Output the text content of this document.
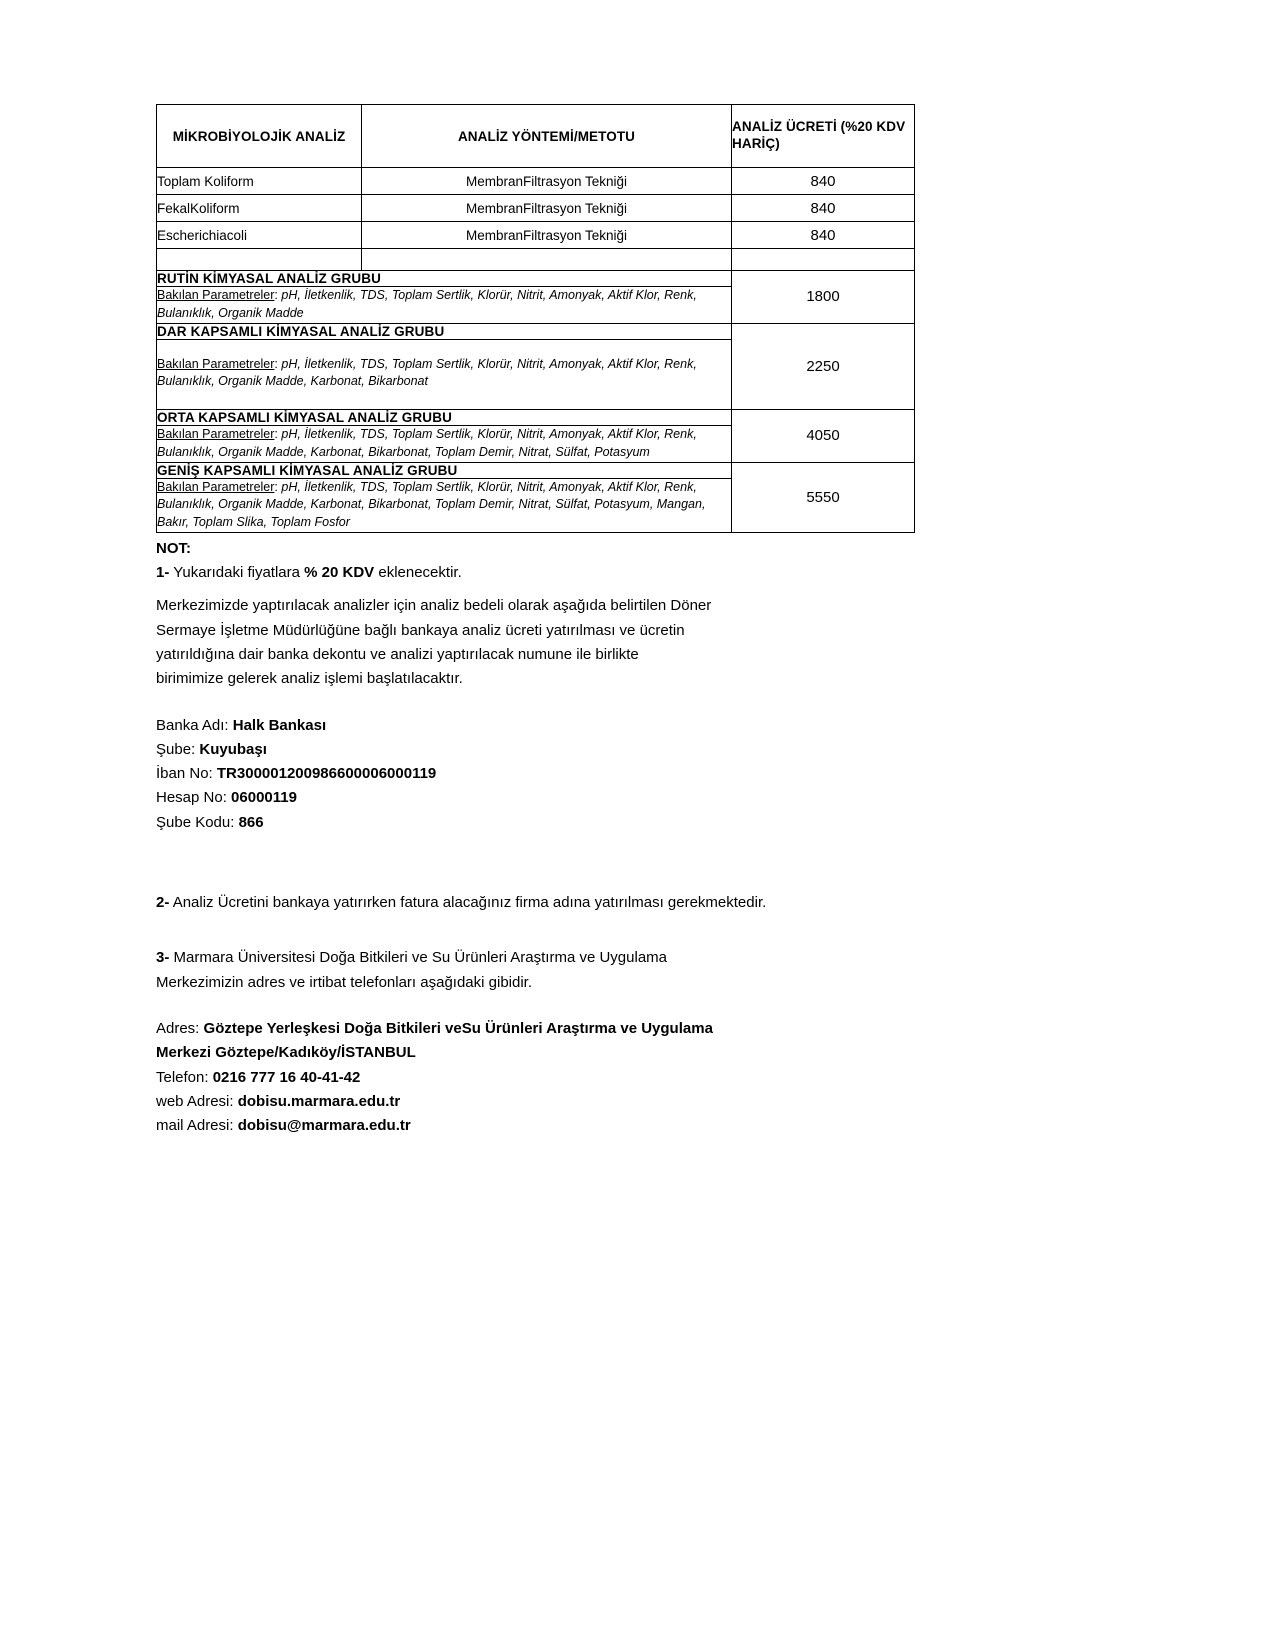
MİKROBİYOLOJİK ANALİZ	ANALİZ YÖNTEMİ/METOTU	ANALİZ ÜCRETİ (%20 KDV HARİÇ)
Toplam Koliform	MembranFiltrasyon Tekniği	840
FekalKoliform	MembranFiltrasyon Tekniği	840
Escherichiacoli	MembranFiltrasyon Tekniği	840

RUTİN KİMYASAL ANALİZ GRUBU		1800
Bakılan Parametreler: pH, İletkenlik, TDS, Toplam Sertlik, Klorür, Nitrit, Amonyak, Aktif Klor, Renk, Bulanıklık, Organik Madde		
DAR KAPSAMLI KİMYASAL ANALİZ GRUBU		2250
Bakılan Parametreler: pH, İletkenlik, TDS, Toplam Sertlik, Klorür, Nitrit, Amonyak, Aktif Klor, Renk, Bulanıklık, Organik Madde, Karbonat, Bikarbonat		
ORTA KAPSAMLI KİMYASAL ANALİZ GRUBU		4050
Bakılan Parametreler: pH, İletkenlik, TDS, Toplam Sertlik, Klorür, Nitrit, Amonyak, Aktif Klor, Renk, Bulanıklık, Organik Madde, Karbonat, Bikarbonat, Toplam Demir, Nitrat, Sülfat, Potasyum		
GENİŞ KAPSAMLI KİMYASAL ANALİZ GRUBU		5550
Bakılan Parametreler: pH, İletkenlik, TDS, Toplam Sertlik, Klorür, Nitrit, Amonyak, Aktif Klor, Renk, Bulanıklık, Organik Madde, Karbonat, Bikarbonat, Toplam Demir, Nitrat, Sülfat, Potasyum, Mangan, Bakır, Toplam Slika, Toplam Fosfor		

NOT:

1- Yukarıdaki fiyatlara % 20 KDV eklenecektir.

Merkezimizde yaptırılacak analizler için analiz bedeli olarak aşağıda belirtilen Döner

Sermaye İşletme Müdürlüğüne bağlı bankaya analiz ücreti yatırılması ve ücretin

yatırıldığına dair banka dekontu ve analizi yaptırılacak numune ile birlikte

birimimize gelerek analiz işlemi başlatılacaktır.

Banka Adı: Halk Bankası

Şube: Kuyubaşı

İban No: TR300001200986600006000119

Hesap No: 06000119

Şube Kodu: 866

2- Analiz Ücretini bankaya yatırırken fatura alacağınız firma adına yatırılması gerekmektedir.

3- Marmara Üniversitesi Doğa Bitkileri ve Su Ürünleri Araştırma ve Uygulama

Merkezimizin adres ve irtibat telefonları aşağıdaki gibidir.

Adres: Göztepe Yerleşkesi Doğa Bitkileri veSu Ürünleri Araştırma ve Uygulama

Merkezi Göztepe/Kadıköy/İSTANBUL

Telefon: 0216 777 16 40-41-42

web Adresi: dobisu.marmara.edu.tr

mail Adresi: dobisu@marmara.edu.tr
